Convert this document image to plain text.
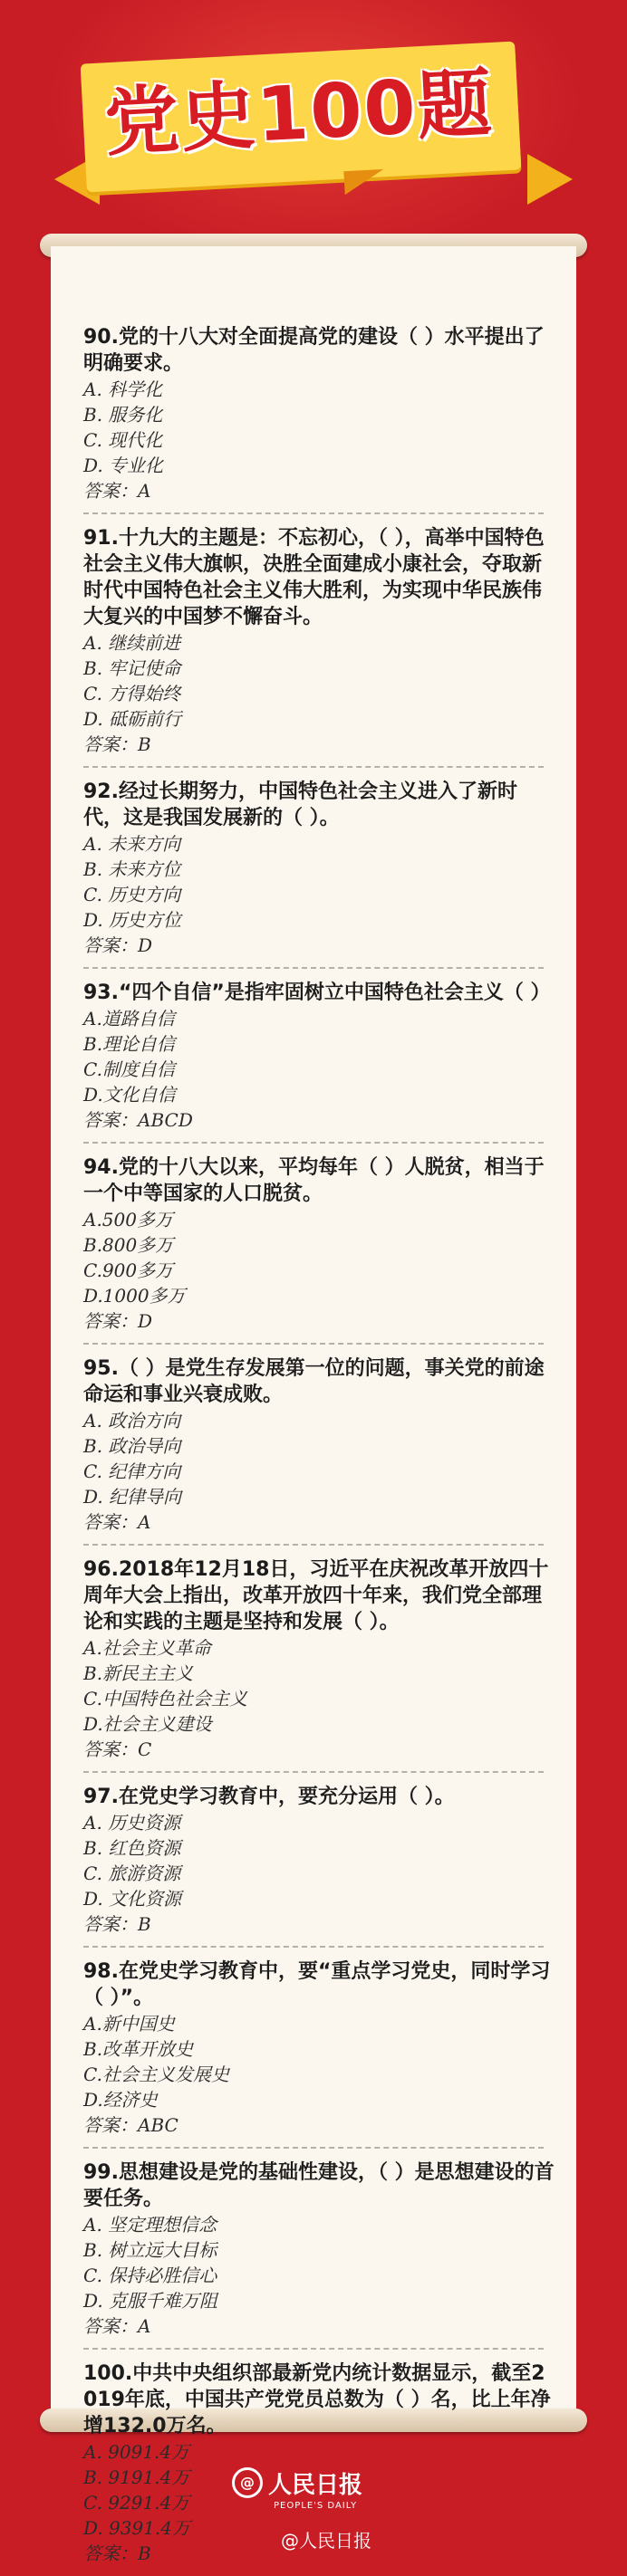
党史100题
90.党的十八大对全面提高党的建设（ ）水平提出了明确要求。
A. 科学化
B. 服务化
C. 现代化
D. 专业化
答案：A
91.十九大的主题是：不忘初心，（ ），高举中国特色社会主义伟大旗帜，决胜全面建成小康社会，夺取新时代中国特色社会主义伟大胜利，为实现中华民族伟大复兴的中国梦不懈奋斗。
A. 继续前进
B. 牢记使命
C. 方得始终
D. 砥砺前行
答案：B
92.经过长期努力，中国特色社会主义进入了新时代，这是我国发展新的（ ）。
A. 未来方向
B. 未来方位
C. 历史方向
D. 历史方位
答案：D
93.“四个自信”是指牢固树立中国特色社会主义（ ）
A.道路自信
B.理论自信
C.制度自信
D.文化自信
答案：ABCD
94.党的十八大以来，平均每年（ ）人脱贫，相当于一个中等国家的人口脱贫。
A.500多万
B.800多万
C.900多万
D.1000多万
答案：D
95.（ ）是党生存发展第一位的问题，事关党的前途命运和事业兴衰成败。
A. 政治方向
B. 政治导向
C. 纪律方向
D. 纪律导向
答案：A
96.2018年12月18日，习近平在庆祝改革开放四十周年大会上指出，改革开放四十年来，我们党全部理论和实践的主题是坚持和发展（ ）。
A.社会主义革命
B.新民主主义
C.中国特色社会主义
D.社会主义建设
答案：C
97.在党史学习教育中，要充分运用（ ）。
A. 历史资源
B. 红色资源
C. 旅游资源
D. 文化资源
答案：B
98.在党史学习教育中，要“重点学习党史，同时学习（ ）”。
A.新中国史
B.改革开放史
C.社会主义发展史
D.经济史
答案：ABC
99.思想建设是党的基础性建设，（ ）是思想建设的首要任务。
A. 坚定理想信念
B. 树立远大目标
C. 保持必胜信心
D. 克服千难万阻
答案：A
100.中共中央组织部最新党内统计数据显示，截至2019年底，中国共产党党员总数为（ ）名，比上年净增132.0万名。
A. 9091.4万
B. 9191.4万
C. 9291.4万
D. 9391.4万
答案：B
@ 人民日报
PEOPLE'S DAILY
@人民日报
